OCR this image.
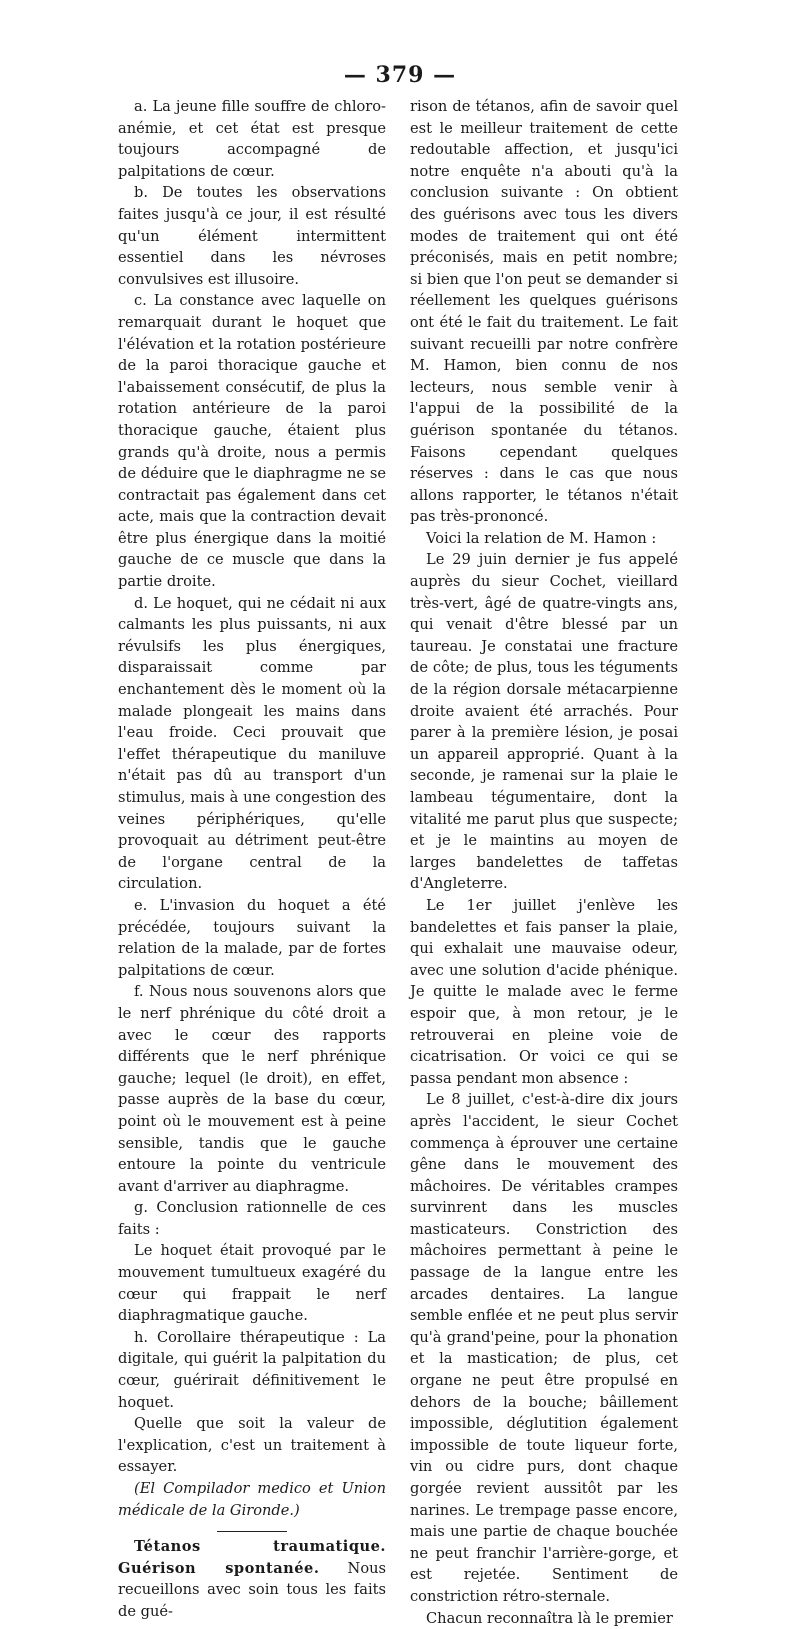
— 379 —

a. La jeune fille souffre de chloro-anémie, et cet état est presque toujours accompagné de palpitations de cœur.

b. De toutes les observations faites jusqu'à ce jour, il est résulté qu'un élément intermittent essentiel dans les névroses convulsives est illusoire.

c. La constance avec laquelle on remarquait durant le hoquet que l'élévation et la rotation postérieure de la paroi thoracique gauche et l'abaissement consécutif, de plus la rotation antérieure de la paroi thoracique gauche, étaient plus grands qu'à droite, nous a permis de déduire que le diaphragme ne se contractait pas également dans cet acte, mais que la contraction devait être plus énergique dans la moitié gauche de ce muscle que dans la partie droite.

d. Le hoquet, qui ne cédait ni aux calmants les plus puissants, ni aux révulsifs les plus énergiques, disparaissait comme par enchantement dès le moment où la malade plongeait les mains dans l'eau froide. Ceci prouvait que l'effet thérapeutique du maniluve n'était pas dû au transport d'un stimulus, mais à une congestion des veines périphériques, qu'elle provoquait au détriment peut-être de l'organe central de la circulation.

e. L'invasion du hoquet a été précédée, toujours suivant la relation de la malade, par de fortes palpitations de cœur.

f. Nous nous souvenons alors que le nerf phrénique du côté droit a avec le cœur des rapports différents que le nerf phrénique gauche; lequel (le droit), en effet, passe auprès de la base du cœur, point où le mouvement est à peine sensible, tandis que le gauche entoure la pointe du ventricule avant d'arriver au diaphragme.

g. Conclusion rationnelle de ces faits :

Le hoquet était provoqué par le mouvement tumultueux exagéré du cœur qui frappait le nerf diaphragmatique gauche.

h. Corollaire thérapeutique : La digitale, qui guérit la palpitation du cœur, guérirait définitivement le hoquet.

Quelle que soit la valeur de l'explication, c'est un traitement à essayer.

(El Compilador medico et Union médicale de la Gironde.)

Tétanos traumatique. Guérison spontanée. Nous recueillons avec soin tous les faits de gué-

rison de tétanos, afin de savoir quel est le meilleur traitement de cette redoutable affection, et jusqu'ici notre enquête n'a abouti qu'à la conclusion suivante : On obtient des guérisons avec tous les divers modes de traitement qui ont été préconisés, mais en petit nombre; si bien que l'on peut se demander si réellement les quelques guérisons ont été le fait du traitement. Le fait suivant recueilli par notre confrère M. Hamon, bien connu de nos lecteurs, nous semble venir à l'appui de la possibilité de la guérison spontanée du tétanos. Faisons cependant quelques réserves : dans le cas que nous allons rapporter, le tétanos n'était pas très-prononcé.

Voici la relation de M. Hamon :

Le 29 juin dernier je fus appelé auprès du sieur Cochet, vieillard très-vert, âgé de quatre-vingts ans, qui venait d'être blessé par un taureau. Je constatai une fracture de côte; de plus, tous les téguments de la région dorsale métacarpienne droite avaient été arrachés. Pour parer à la première lésion, je posai un appareil approprié. Quant à la seconde, je ramenai sur la plaie le lambeau tégumentaire, dont la vitalité me parut plus que suspecte; et je le maintins au moyen de larges bandelettes de taffetas d'Angleterre.

Le 1er juillet j'enlève les bandelettes et fais panser la plaie, qui exhalait une mauvaise odeur, avec une solution d'acide phénique. Je quitte le malade avec le ferme espoir que, à mon retour, je le retrouverai en pleine voie de cicatrisation. Or voici ce qui se passa pendant mon absence :

Le 8 juillet, c'est-à-dire dix jours après l'accident, le sieur Cochet commença à éprouver une certaine gêne dans le mouvement des mâchoires. De véritables crampes survinrent dans les muscles masticateurs. Constriction des mâchoires permettant à peine le passage de la langue entre les arcades dentaires. La langue semble enflée et ne peut plus servir qu'à grand'peine, pour la phonation et la mastication; de plus, cet organe ne peut être propulsé en dehors de la bouche; bâillement impossible, déglutition également impossible de toute liqueur forte, vin ou cidre purs, dont chaque gorgée revient aussitôt par les narines. Le trempage passe encore, mais une partie de chaque bouchée ne peut franchir l'arrière-gorge, et est rejetée. Sentiment de constriction rétro-sternale.

Chacun reconnaîtra là le premier
